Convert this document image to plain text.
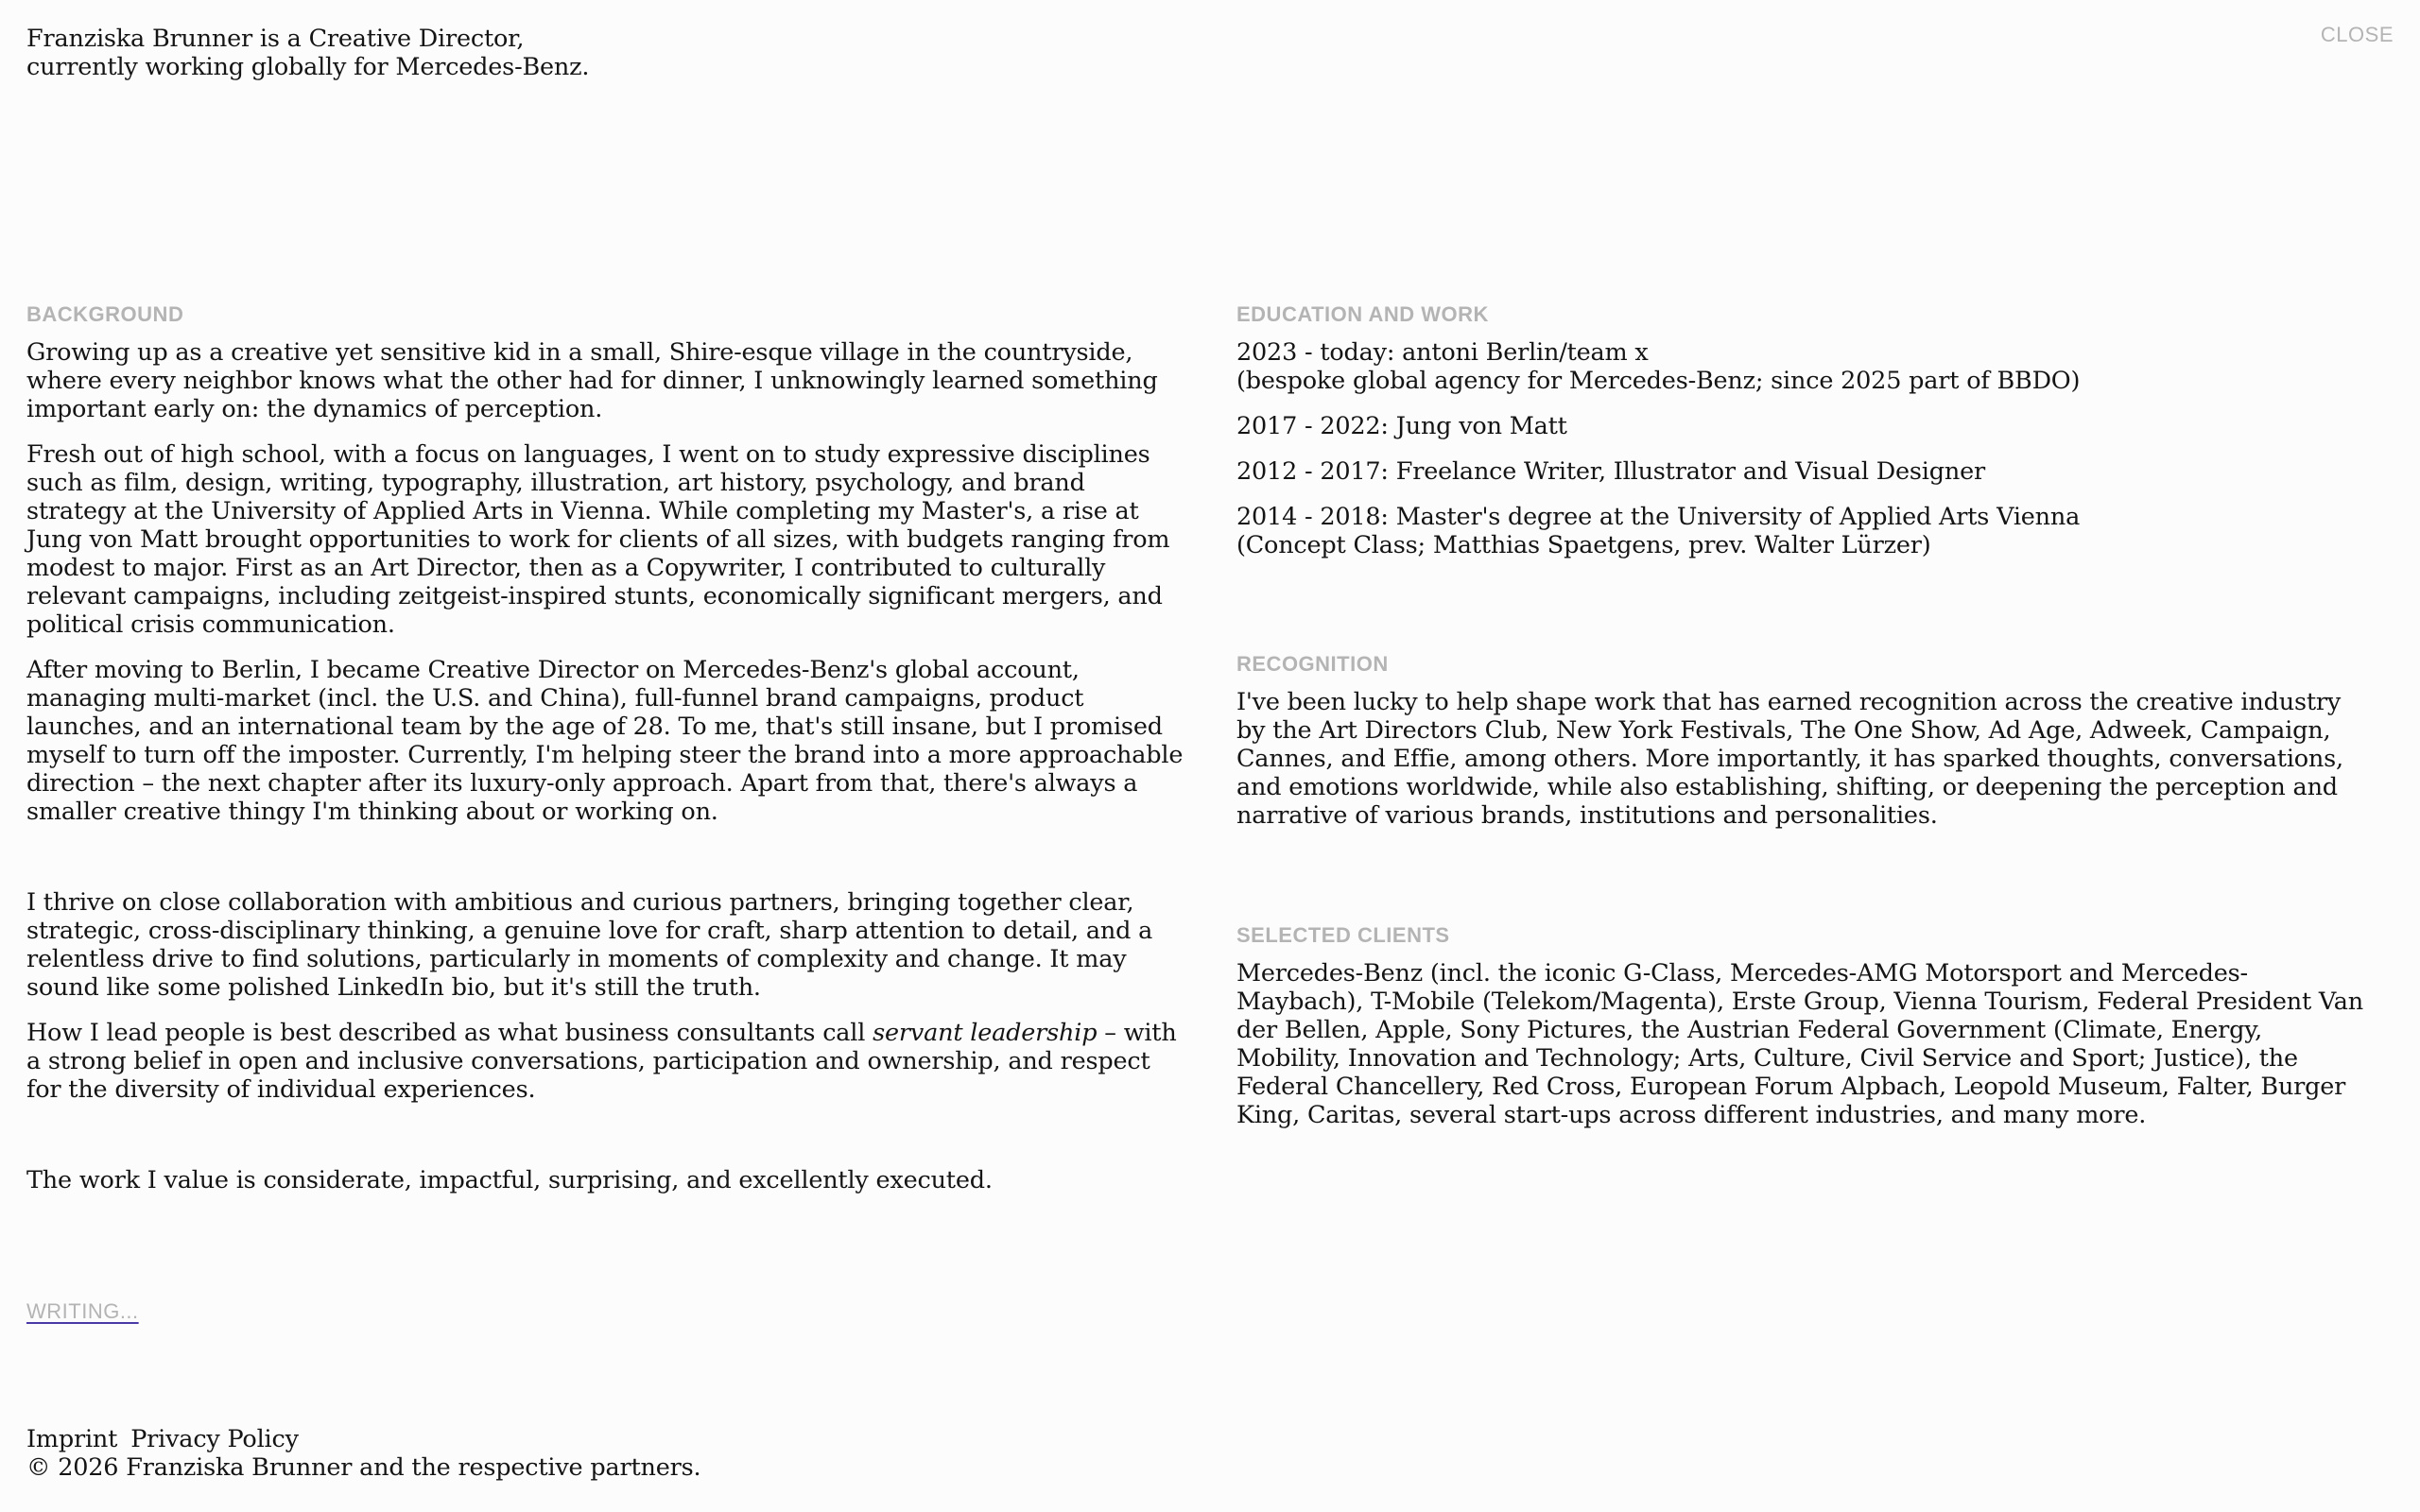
Franziska Brunner is a Creative Director,
currently working globally for Mercedes-Benz.
CLOSE
BACKGROUND

Growing up as a creative yet sensitive kid in a small, Shire-esque village in the countryside, where every neighbor knows what the other had for dinner, I unknowingly learned something important early on: the dynamics of perception.

Fresh out of high school, with a focus on languages, I went on to study expressive disciplines such as film, design, writing, typography, illustration, art history, psychology, and brand strategy at the University of Applied Arts in Vienna. While completing my Master's, a rise at Jung von Matt brought opportunities to work for clients of all sizes, with budgets ranging from modest to major. First as an Art Director, then as a Copywriter, I contributed to culturally relevant campaigns, including zeitgeist-inspired stunts, economically significant mergers, and political crisis communication.

After moving to Berlin, I became Creative Director on Mercedes-Benz's global account, managing multi-market (incl. the U.S. and China), full-funnel brand campaigns, product launches, and an international team by the age of 28. To me, that's still insane, but I promised myself to turn off the imposter. Currently, I'm helping steer the brand into a more approachable direction – the next chapter after its luxury-only approach. Apart from that, there's always a smaller creative thingy I'm thinking about or working on.

I thrive on close collaboration with ambitious and curious partners, bringing together clear, strategic, cross-disciplinary thinking, a genuine love for craft, sharp attention to detail, and a relentless drive to find solutions, particularly in moments of complexity and change. It may sound like some polished LinkedIn bio, but it's still the truth.

How I lead people is best described as what business consultants call servant leadership – with a strong belief in open and inclusive conversations, participation and ownership, and respect for the diversity of individual experiences.

The work I value is considerate, impactful, surprising, and excellently executed.

EDUCATION AND WORK
2023 - today: antoni Berlin/team x
(bespoke global agency for Mercedes-Benz; since 2025 part of BBDO)
2017 - 2022: Jung von Matt
2012 - 2017: Freelance Writer, Illustrator and Visual Designer
2014 - 2018: Master's degree at the University of Applied Arts Vienna
(Concept Class; Matthias Spaetgens, prev. Walter Lürzer)
RECOGNITION

I've been lucky to help shape work that has earned recognition across the creative industry by the Art Directors Club, New York Festivals, The One Show, Ad Age, Adweek, Campaign, Cannes, and Effie, among others. More importantly, it has sparked thoughts, conversations, and emotions worldwide, while also establishing, shifting, or deepening the perception and narrative of various brands, institutions and personalities.

SELECTED CLIENTS

Mercedes-Benz (incl. the iconic G-Class, Mercedes-AMG Motorsport and Mercedes-Maybach), T-Mobile (Telekom/Magenta), Erste Group, Vienna Tourism, Federal President Van der Bellen, Apple, Sony Pictures, the Austrian Federal Government (Climate, Energy, Mobility, Innovation and Technology; Arts, Culture, Civil Service and Sport; Justice), the Federal Chancellery, Red Cross, European Forum Alpbach, Leopold Museum, Falter, Burger King, Caritas, several start-ups across different industries, and many more.

WRITING...
Imprint Privacy Policy
© 2026 Franziska Brunner and the respective partners.
